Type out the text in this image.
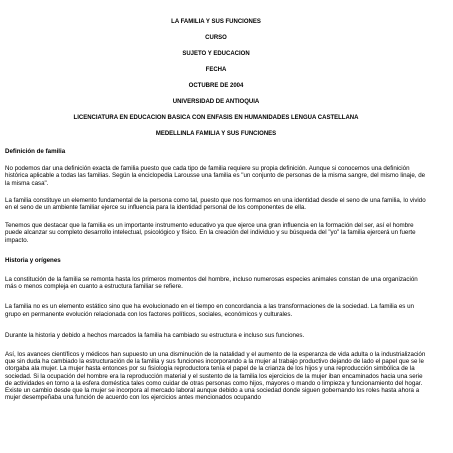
LA FAMILIA Y SUS FUNCIONES
CURSO
SUJETO Y EDUCACION
FECHA
OCTUBRE DE 2004
UNIVERSIDAD DE ANTIOQUIA
LICENCIATURA EN EDUCACION BASICA CON ENFASIS EN HUMANIDADES LENGUA CASTELLANA
MEDELLINLA FAMILIA Y SUS FUNCIONES
Definición de familia

No podemos dar una definición exacta de familia puesto que cada tipo de familia requiere su propia definición. Aunque si conocemos una definición histórica aplicable a todas las familias. Según la enciclopedia Larousse una familia es "un conjunto de personas de la misma sangre, del mismo linaje, de la misma casa".

La familia constituye un elemento fundamental de la persona como tal, puesto que nos formamos en una identidad desde el seno de una familia, lo vivido en el seno de un ambiente familiar ejerce su influencia para la identidad personal de los componentes de ella.

Tenemos que destacar que la familia es un importante instrumento educativo ya que ejerce una gran influencia en la formación del ser, así el hombre puede alcanzar su completo desarrollo intelectual, psicológico y físico. En la creación del individuo y su búsqueda del "yo" la familia ejercerá un fuerte impacto.

Historia y orígenes

La constitución de la familia se remonta hasta los primeros momentos del hombre, incluso numerosas especies animales constan de una organización más o menos compleja en cuanto a estructura familiar se refiere.

La familia no es un elemento estático sino que ha evolucionado en el tiempo en concordancia a las transformaciones de la sociedad. La familia es un grupo en permanente evolución relacionada con los factores políticos, sociales, económicos y culturales.

Durante la historia y debido a hechos marcados la familia ha cambiado su estructura e incluso sus funciones.

Así, los avances científicos y médicos han supuesto un una disminución de la natalidad y el aumento de la esperanza de vida adulta o la industrialización que sin duda ha cambiado la estructuración de la familia y sus funciones incorporando a la mujer al trabajo productivo dejando de lado el papel que se le otorgaba ala mujer. La mujer hasta entonces por su fisiología reproductora tenía el papel de la crianza de los hijos y una reproducción simbólica de la sociedad. Si la ocupación del hombre era la reproducción material y el sustento de la familia los ejercicios de la mujer iban encaminados hacia una serie de actividades en torno a la esfera doméstica tales como cuidar de otras personas como hijos, mayores o mando o limpieza y funcionamiento del hogar. Existe un cambio desde que la mujer se incorpora al mercado laboral aunque debido a una sociedad donde siguen gobernando los roles hasta ahora a mujer desempeñaba una función de acuerdo con los ejercicios antes mencionados ocupando
